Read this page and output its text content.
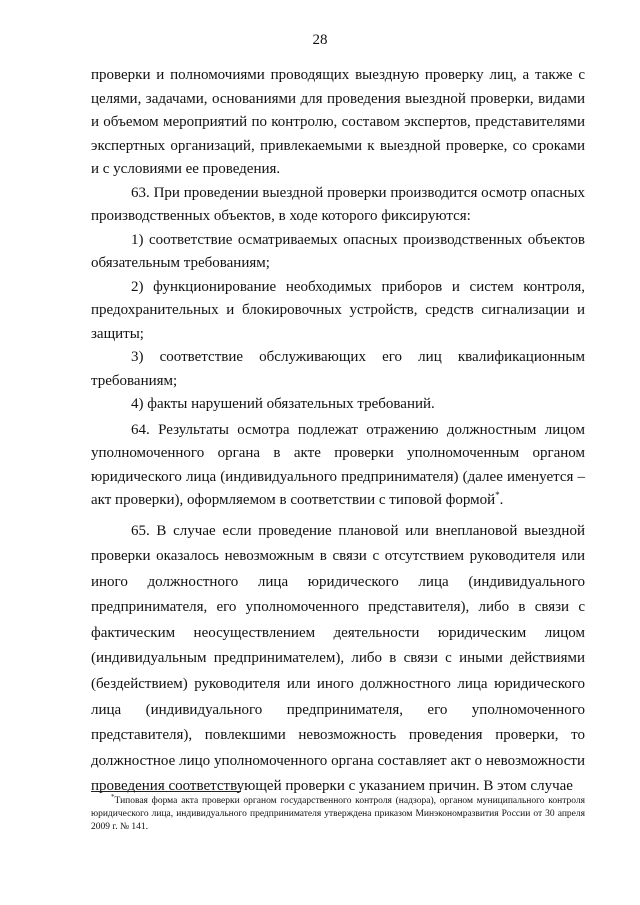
28

проверки и полномочиями проводящих выездную проверку лиц, а также с целями, задачами, основаниями для проведения выездной проверки, видами и объемом мероприятий по контролю, составом экспертов, представителями экспертных организаций, привлекаемыми к выездной проверке, со сроками и с условиями ее проведения.

63. При проведении выездной проверки производится осмотр опасных производственных объектов, в ходе которого фиксируются:

1) соответствие осматриваемых опасных производственных объектов обязательным требованиям;

2) функционирование необходимых приборов и систем контроля, предохранительных и блокировочных устройств, средств сигнализации и защиты;

3) соответствие обслуживающих его лиц квалификационным требованиям;

4) факты нарушений обязательных требований.

64. Результаты осмотра подлежат отражению должностным лицом уполномоченного органа в акте проверки уполномоченным органом юридического лица (индивидуального предпринимателя) (далее именуется – акт проверки), оформляемом в соответствии с типовой формой*.

65. В случае если проведение плановой или внеплановой выездной проверки оказалось невозможным в связи с отсутствием руководителя или иного должностного лица юридического лица (индивидуального предпринимателя, его уполномоченного представителя), либо в связи с фактическим неосуществлением деятельности юридическим лицом (индивидуальным предпринимателем), либо в связи с иными действиями (бездействием) руководителя или иного должностного лица юридического лица (индивидуального предпринимателя, его уполномоченного представителя), повлекшими невозможность проведения проверки, то должностное лицо уполномоченного органа составляет акт о невозможности проведения соответствующей проверки с указанием причин. В этом случае

*Типовая форма акта проверки органом государственного контроля (надзора), органом муниципального контроля юридического лица, индивидуального предпринимателя утверждена приказом Минэкономразвития России от 30 апреля 2009 г. № 141.
